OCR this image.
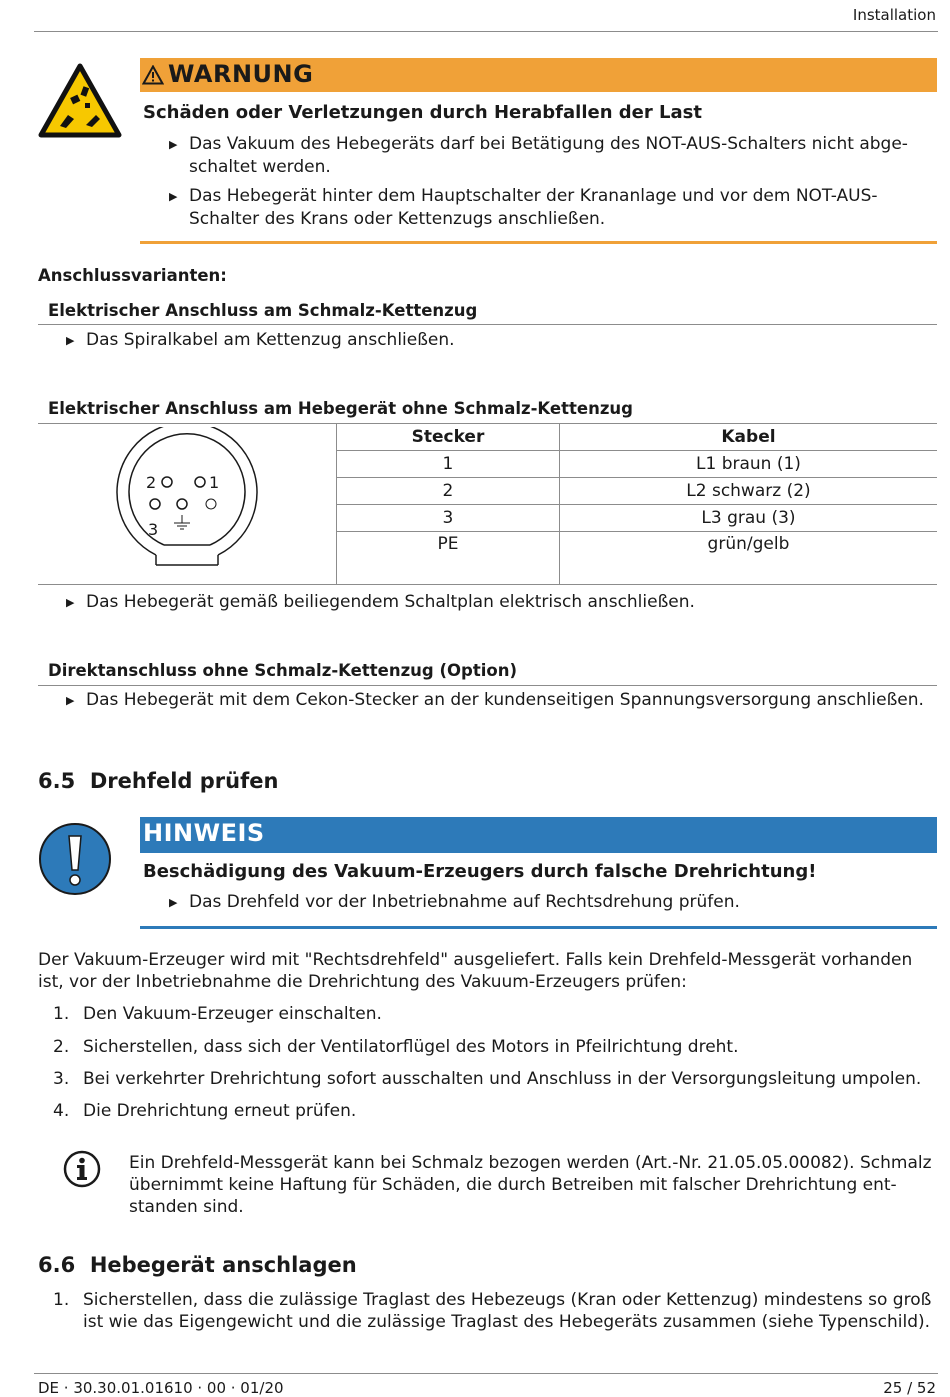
Installation
WARNUNG
Schäden oder Verletzungen durch Herabfallen der Last
▶ Das Vakuum des Hebegeräts darf bei Betätigung des NOT-AUS-Schalters nicht abge-schaltet werden.
▶ Das Hebegerät hinter dem Hauptschalter der Krananlage und vor dem NOT-AUS-Schalter des Krans oder Kettenzugs anschließen.
Anschlussvarianten:
Elektrischer Anschluss am Schmalz-Kettenzug
▶ Das Spiralkabel am Kettenzug anschließen.
Elektrischer Anschluss am Hebegerät ohne Schmalz-Kettenzug
2 1
3	Stecker	Kabel
	1	L1 braun (1)
	2	L2 schwarz (2)
	3	L3 grau (3)
	PE	grün/gelb
▶ Das Hebegerät gemäß beiliegendem Schaltplan elektrisch anschließen.
Direktanschluss ohne Schmalz-Kettenzug (Option)
▶ Das Hebegerät mit dem Cekon-Stecker an der kundenseitigen Spannungsversorgung anschließen.
6.5 Drehfeld prüfen
HINWEIS
Beschädigung des Vakuum-Erzeugers durch falsche Drehrichtung!
▶ Das Drehfeld vor der Inbetriebnahme auf Rechtsdrehung prüfen.
Der Vakuum-Erzeuger wird mit "Rechtsdrehfeld" ausgeliefert. Falls kein Drehfeld-Messgerät vorhanden
ist, vor der Inbetriebnahme die Drehrichtung des Vakuum-Erzeugers prüfen:
1. Den Vakuum-Erzeuger einschalten.
2. Sicherstellen, dass sich der Ventilatorflügel des Motors in Pfeilrichtung dreht.
3. Bei verkehrter Drehrichtung sofort ausschalten und Anschluss in der Versorgungsleitung umpolen.
4. Die Drehrichtung erneut prüfen.
Ein Drehfeld-Messgerät kann bei Schmalz bezogen werden (Art.-Nr. 21.05.05.00082). Schmalz
übernimmt keine Haftung für Schäden, die durch Betreiben mit falscher Drehrichtung ent-
standen sind.
6.6 Hebegerät anschlagen
1. Sicherstellen, dass die zulässige Traglast des Hebezeugs (Kran oder Kettenzug) mindestens so groß
ist wie das Eigengewicht und die zulässige Traglast des Hebegeräts zusammen (siehe Typenschild).
DE · 30.30.01.01610 · 00 · 01/20	25 / 52
